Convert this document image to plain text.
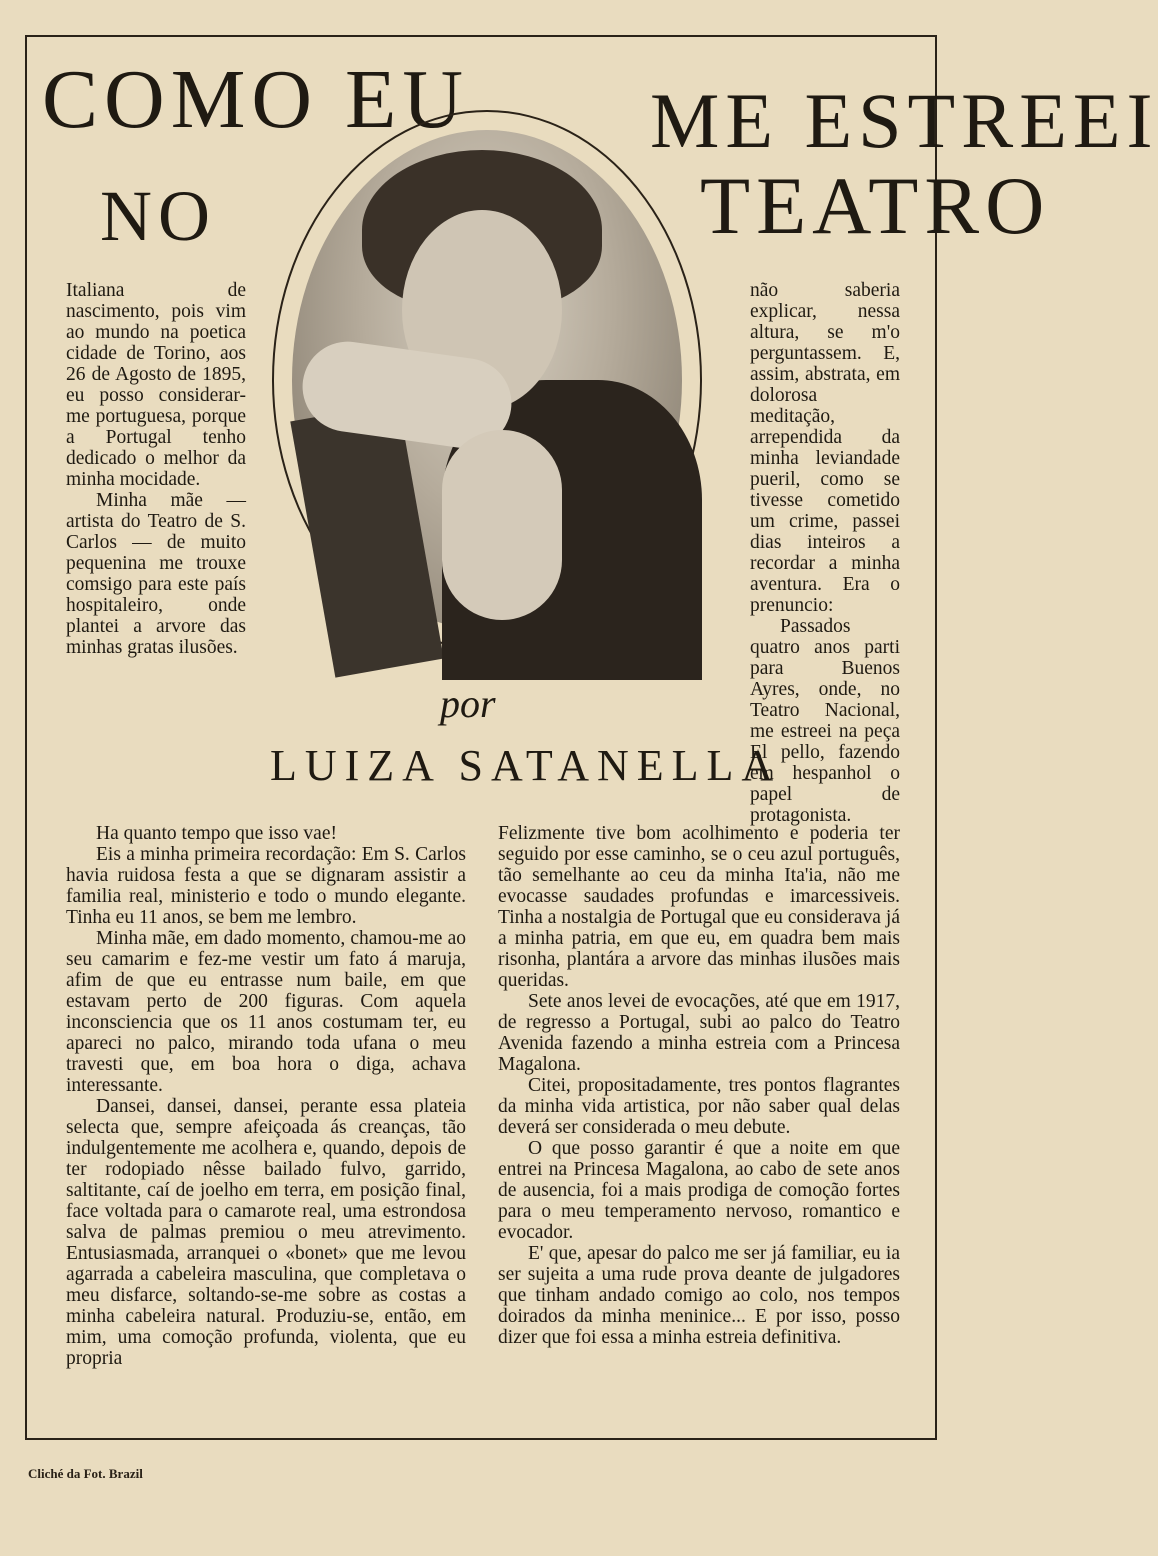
COMO EU
NO
ME ESTREEI
TEATRO
por
LUIZA SATANELLA

Italiana de nascimento, pois vim ao mundo na poetica cidade de Torino, aos 26 de Agosto de 1895, eu posso considerar-me portuguesa, porque a Portugal tenho dedicado o melhor da minha mocidade.

Minha mãe —artista do Teatro de S. Carlos — de muito pequenina me trouxe comsigo para este país hospitaleiro, onde plantei a arvore das minhas gratas ilusões.

não saberia explicar, nessa altura, se m'o perguntassem. E, assim, abstrata, em dolorosa meditação, arrependida da minha leviandade pueril, como se tivesse cometido um crime, passei dias inteiros a recordar a minha aventura. Era o prenuncio:

Passados quatro anos parti para Buenos Ayres, onde, no Teatro Nacional, me estreei na peça El pello, fazendo em hespanhol o papel de protagonista.

Ha quanto tempo que isso vae!

Eis a minha primeira recordação: Em S. Carlos havia ruidosa festa a que se dignaram assistir a familia real, ministerio e todo o mundo elegante. Tinha eu 11 anos, se bem me lembro.

Minha mãe, em dado momento, chamou-me ao seu camarim e fez-me vestir um fato á maruja, afim de que eu entrasse num baile, em que estavam perto de 200 figuras. Com aquela inconsciencia que os 11 anos costumam ter, eu apareci no palco, mirando toda ufana o meu travesti que, em boa hora o diga, achava interessante.

Dansei, dansei, dansei, perante essa plateia selecta que, sempre afeiçoada ás creanças, tão indulgentemente me acolhera e, quando, depois de ter rodopiado nêsse bailado fulvo, garrido, saltitante, caí de joelho em terra, em posição final, face voltada para o camarote real, uma estrondosa salva de palmas premiou o meu atrevimento. Entusiasmada, arranquei o «bonet» que me levou agarrada a cabeleira masculina, que completava o meu disfarce, soltando-se-me sobre as costas a minha cabeleira natural. Produziu-se, então, em mim, uma comoção profunda, violenta, que eu propria

Felizmente tive bom acolhimento e poderia ter seguido por esse caminho, se o ceu azul português, tão semelhante ao ceu da minha Ita'ia, não me evocasse saudades profundas e imarcessiveis. Tinha a nostalgia de Portugal que eu considerava já a minha patria, em que eu, em quadra bem mais risonha, plantára a arvore das minhas ilusões mais queridas.

Sete anos levei de evocações, até que em 1917, de regresso a Portugal, subi ao palco do Teatro Avenida fazendo a minha estreia com a Princesa Magalona.

Citei, propositadamente, tres pontos flagrantes da minha vida artistica, por não saber qual delas deverá ser considerada o meu debute.

O que posso garantir é que a noite em que entrei na Princesa Magalona, ao cabo de sete anos de ausencia, foi a mais prodiga de comoção fortes para o meu temperamento nervoso, romantico e evocador.

E' que, apesar do palco me ser já familiar, eu ia ser sujeita a uma rude prova deante de julgadores que tinham andado comigo ao colo, nos tempos doirados da minha meninice... E por isso, posso dizer que foi essa a minha estreia definitiva.

Cliché da Fot. Brazil
